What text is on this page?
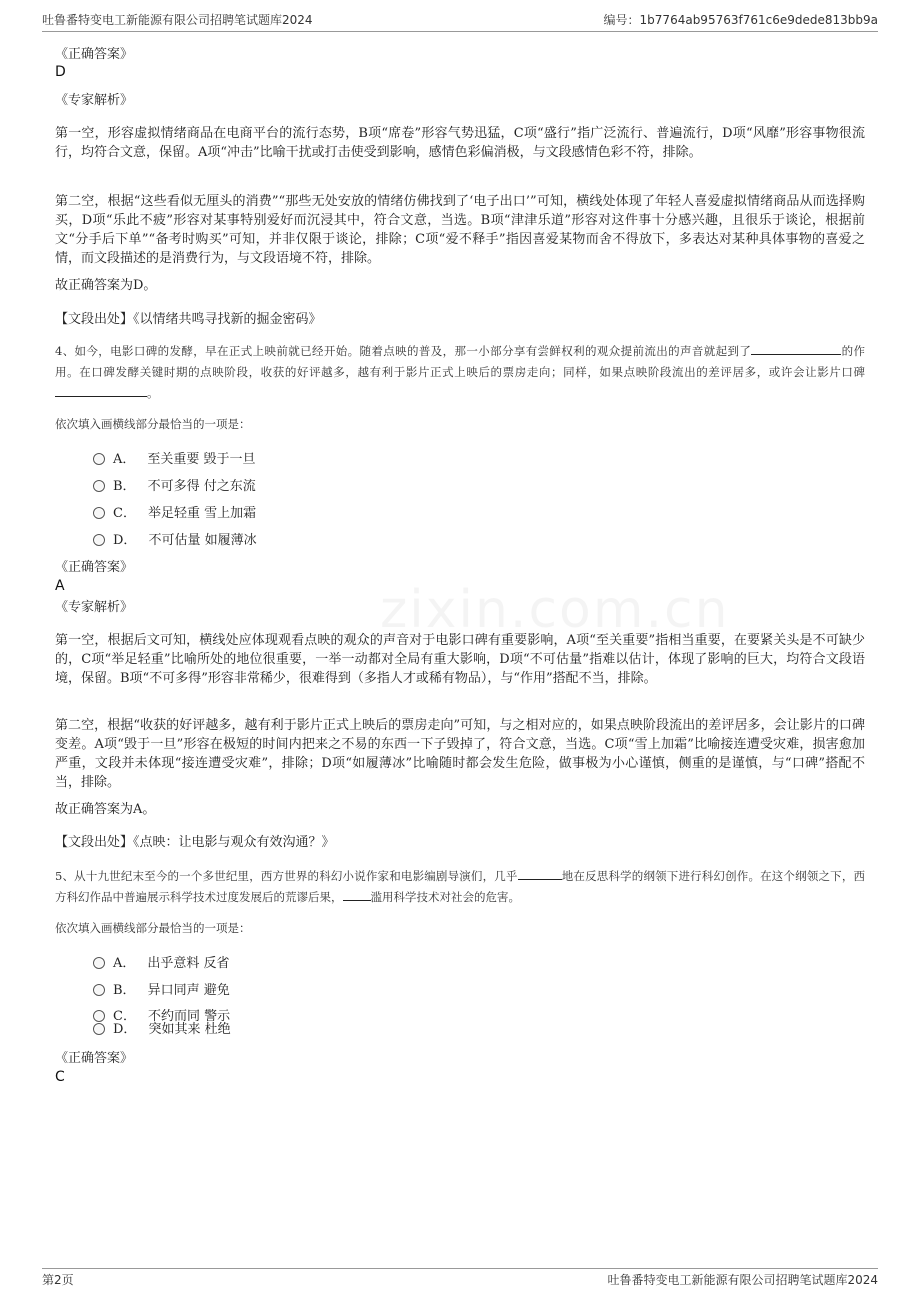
吐鲁番特变电工新能源有限公司招聘笔试题库2024	编号：1b7764ab95763f761c6e9dede813bb9a
《正确答案》
D
《专家解析》
第一空，形容虚拟情绪商品在电商平台的流行态势，B项“席卷”形容气势迅猛，C项“盛行”指广泛流行、普遍流行，D项“风靡”形容事物很流行，均符合文意，保留。A项“冲击”比喻干扰或打击使受到影响，感情色彩偏消极，与文段感情色彩不符，排除。
第二空，根据“这些看似无厘头的消费”“那些无处安放的情绪仿佛找到了‘电子出口’”可知，横线处体现了年轻人喜爱虚拟情绪商品从而选择购买，D项“乐此不疲”形容对某事特别爱好而沉浸其中，符合文意，当选。B项“津津乐道”形容对这件事十分感兴趣，且很乐于谈论，根据前文“分手后下单”“备考时购买”可知，并非仅限于谈论，排除；C项“爱不释手”指因喜爱某物而舍不得放下，多表达对某种具体事物的喜爱之情，而文段描述的是消费行为，与文段语境不符，排除。
故正确答案为D。
【文段出处】《以情绪共鸣寻找新的掘金密码》
4、如今，电影口碑的发酵，早在正式上映前就已经开始。随着点映的普及，那一小部分享有尝鲜权利的观众提前流出的声音就起到了	的作用。在口碑发酵关键时期的点映阶段，收获的好评越多，越有利于影片正式上映后的票房走向；同样，如果点映阶段流出的差评居多，或许会让影片口碑。
依次填入画横线部分最恰当的一项是：
A． 至关重要 毁于一旦
B． 不可多得 付之东流
C． 举足轻重 雪上加霜
D． 不可估量 如履薄冰
《正确答案》
A
《专家解析》
第一空，根据后文可知，横线处应体现观看点映的观众的声音对于电影口碑有重要影响，A项“至关重要”指相当重要，在要紧关头是不可缺少的，C项“举足轻重”比喻所处的地位很重要，一举一动都对全局有重大影响，D项“不可估量”指难以估计，体现了影响的巨大，均符合文段语境，保留。B项“不可多得”形容非常稀少，很难得到（多指人才或稀有物品），与“作用”搭配不当，排除。
第二空，根据“收获的好评越多，越有利于影片正式上映后的票房走向”可知，与之相对应的，如果点映阶段流出的差评居多，会让影片的口碑变差。A项“毁于一旦”形容在极短的时间内把来之不易的东西一下子毁掉了，符合文意，当选。C项“雪上加霜”比喻接连遭受灾难，损害愈加严重，文段并未体现“接连遭受灾难”，排除；D项“如履薄冰”比喻随时都会发生危险，做事极为小心谨慎，侧重的是谨慎，与“口碑”搭配不当，排除。
故正确答案为A。
【文段出处】《点映：让电影与观众有效沟通？》
5、从十九世纪末至今的一个多世纪里，西方世界的科幻小说作家和电影编剧导演们，几乎	地在反思科学的纲领下进行科幻创作。在这个纲领之下，西方科幻作品中普遍展示科学技术过度发展后的荒谬后果， 滥用科学技术对社会的危害。
依次填入画横线部分最恰当的一项是：
A． 出乎意料 反省
B． 异口同声 避免
C． 不约而同 警示
D． 突如其来 杜绝
《正确答案》
C
第2页	吐鲁番特变电工新能源有限公司招聘笔试题库2024
